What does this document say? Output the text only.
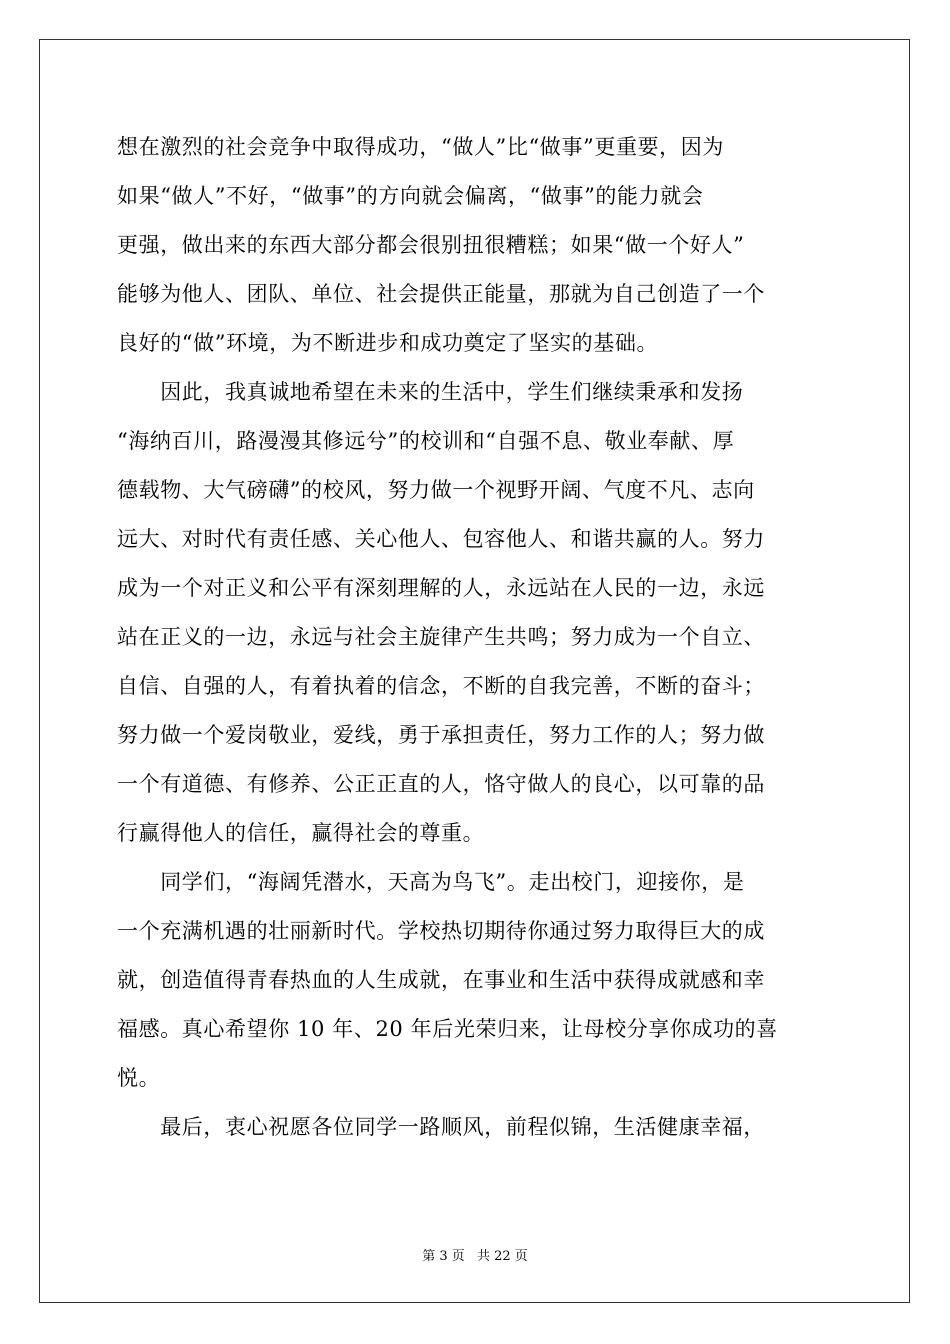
想在激烈的社会竞争中取得成功，“做人”比“做事”更重要，因为
如果“做人”不好，“做事”的方向就会偏离，“做事”的能力就会
更强，做出来的东西大部分都会很别扭很糟糕；如果“做一个好人”
能够为他人、团队、单位、社会提供正能量，那就为自己创造了一个
良好的“做”环境，为不断进步和成功奠定了坚实的基础。
　　因此，我真诚地希望在未来的生活中，学生们继续秉承和发扬
“海纳百川，路漫漫其修远兮”的校训和“自强不息、敬业奉献、厚
德载物、大气磅礴”的校风，努力做一个视野开阔、气度不凡、志向
远大、对时代有责任感、关心他人、包容他人、和谐共赢的人。努力
成为一个对正义和公平有深刻理解的人，永远站在人民的一边，永远
站在正义的一边，永远与社会主旋律产生共鸣；努力成为一个自立、
自信、自强的人，有着执着的信念，不断的自我完善，不断的奋斗；
努力做一个爱岗敬业，爱线，勇于承担责任，努力工作的人；努力做
一个有道德、有修养、公正正直的人，恪守做人的良心，以可靠的品
行赢得他人的信任，赢得社会的尊重。
　　同学们，“海阔凭潜水，天高为鸟飞”。走出校门，迎接你，是
一个充满机遇的壮丽新时代。学校热切期待你通过努力取得巨大的成
就，创造值得青春热血的人生成就，在事业和生活中获得成就感和幸
福感。真心希望你 10 年、20 年后光荣归来，让母校分享你成功的喜
悦。
　　最后，衷心祝愿各位同学一路顺风，前程似锦，生活健康幸福，
第 3 页 共 22 页
